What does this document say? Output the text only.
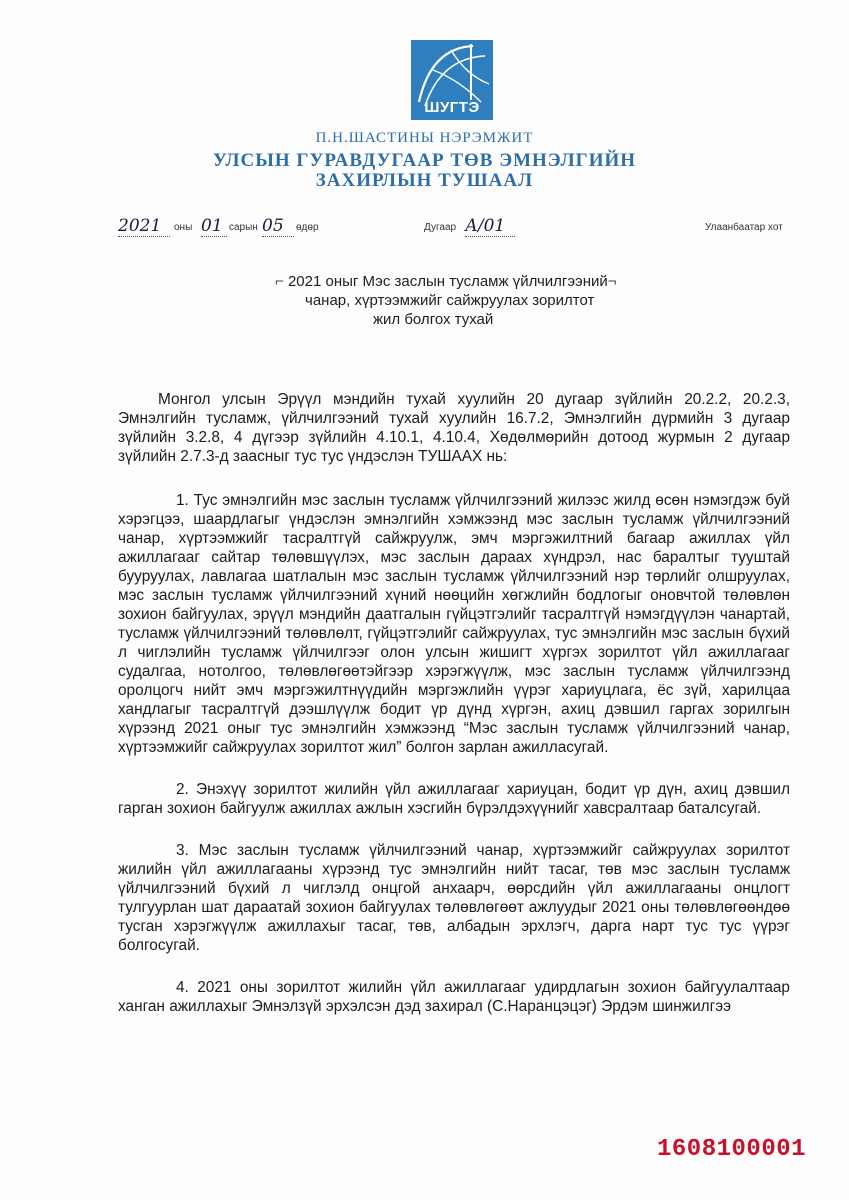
ШУГТЭ
П.Н.ШАСТИНЫ НЭРЭМЖИТ
УЛСЫН ГУРАВДУГААР ТӨВ ЭМНЭЛГИЙН
ЗАХИРЛЫН ТУШААЛ
2021	оны 01 сарын 05	өдөр	Дугаар А/01	Улаанбаатар хот
⌐ 2021 оныг Мэс заслын тусламж үйлчилгээний¬
чанар, хүртээмжийг сайжруулах зорилтот
жил болгох тухай

Монгол улсын Эрүүл мэндийн тухай хуулийн 20 дугаар зүйлийн 20.2.2, 20.2.3, Эмнэлгийн тусламж, үйлчилгээний тухай хуулийн 16.7.2, Эмнэлгийн дүрмийн 3 дугаар зүйлийн 3.2.8, 4 дүгээр зүйлийн 4.10.1, 4.10.4, Хөдөлмөрийн дотоод журмын 2 дугаар зүйлийн 2.7.3-д заасныг тус тус үндэслэн ТУШААХ нь:

1. Тус эмнэлгийн мэс заслын тусламж үйлчилгээний жилээс жилд өсөн нэмэгдэж буй хэрэгцээ, шаардлагыг үндэслэн эмнэлгийн хэмжээнд мэс заслын тусламж үйлчилгээний чанар, хүртээмжийг тасралтгүй сайжруулж, эмч мэргэжилтний багаар ажиллах үйл ажиллагааг сайтар төлөвшүүлэх, мэс заслын дараах хүндрэл, нас баралтыг тууштай бууруулах, лавлагаа шатлалын мэс заслын тусламж үйлчилгээний нэр төрлийг олшруулах, мэс заслын тусламж үйлчилгээний хүний нөөцийн хөгжлийн бодлогыг оновчтой төлөвлөн зохион байгуулах, эрүүл мэндийн даатгалын гүйцэтгэлийг тасралтгүй нэмэгдүүлэн чанартай, тусламж үйлчилгээний төлөвлөлт, гүйцэтгэлийг сайжруулах, тус эмнэлгийн мэс заслын бүхий л чиглэлийн тусламж үйлчилгээг олон улсын жишигт хүргэх зорилтот үйл ажиллагааг судалгаа, нотолгоо, төлөвлөгөөтэйгээр хэрэгжүүлж, мэс заслын тусламж үйлчилгээнд оролцогч нийт эмч мэргэжилтнүүдийн мэргэжлийн үүрэг хариуцлага, ёс зүй, харилцаа хандлагыг тасралтгүй дээшлүүлж бодит үр дүнд хүргэн, ахиц дэвшил гаргах зорилгын хүрээнд 2021 оныг тус эмнэлгийн хэмжээнд “Мэс заслын тусламж үйлчилгээний чанар, хүртээмжийг сайжруулах зорилтот жил” болгон зарлан ажилласугай.

2. Энэхүү зорилтот жилийн үйл ажиллагааг хариуцан, бодит үр дүн, ахиц дэвшил гарган зохион байгуулж ажиллах ажлын хэсгийн бүрэлдэхүүнийг хавсралтаар баталсугай.

3. Мэс заслын тусламж үйлчилгээний чанар, хүртээмжийг сайжруулах зорилтот жилийн үйл ажиллагааны хүрээнд тус эмнэлгийн нийт тасаг, төв мэс заслын тусламж үйлчилгээний бүхий л чиглэлд онцгой анхаарч, өөрсдийн үйл ажиллагааны онцлогт тулгуурлан шат дараатай зохион байгуулах төлөвлөгөөт ажлуудыг 2021 оны төлөвлөгөөндөө тусган хэрэгжүүлж ажиллахыг тасаг, төв, албадын эрхлэгч, дарга нарт тус тус үүрэг болгосугай.

4. 2021 оны зорилтот жилийн үйл ажиллагааг удирдлагын зохион байгуулалтаар ханган ажиллахыг Эмнэлзүй эрхэлсэн дэд захирал (С.Наранцэцэг) Эрдэм шинжилгээ

1608100001
